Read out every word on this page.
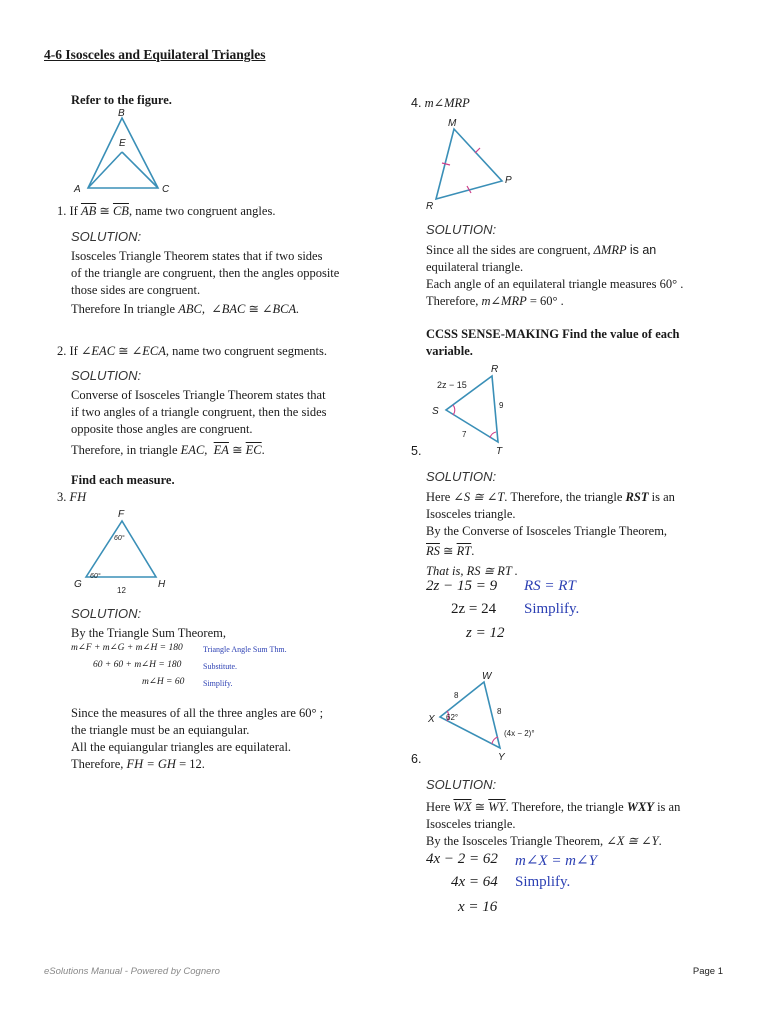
4-6 Isosceles and Equilateral Triangles
Refer to the figure.
B
E
A	C
1. If $\overline{AB}$ ≅ $\overline{CB}$, name two congruent angles.
SOLUTION:
Isosceles Triangle Theorem states that if two sides
of the triangle are congruent, then the angles opposite
those sides are congruent.
Therefore In triangle ABC, ∠BAC ≅ ∠BCA.
2. If ∠EAC ≅ ∠ECA, name two congruent segments.
SOLUTION:
Converse of Isosceles Triangle Theorem states that
if two angles of a triangle congruent, then the sides
opposite those angles are congruent.
Therefore, in triangle EAC, $\overline{EA}$ ≅ $\overline{EC}$.
Find each measure.
3. FH
F
60°
60°
G	H
12
SOLUTION:
By the Triangle Sum Theorem,
m∠F + m∠G + m∠H = 180	Triangle Angle Sum Thm.
60 + 60 + m∠H = 180	Substitute.
m∠H = 60 Simplify.
Since the measures of all the three angles are 60° ;
the triangle must be an equiangular.
All the equiangular triangles are equilateral.
Therefore, FH = GH = 12.
4. m∠MRP
M
P
R
SOLUTION:
Since all the sides are congruent, ΔMRP is an
equilateral triangle.
Each angle of an equilateral triangle measures 60° .
Therefore, m∠MRP = 60° .
CCSS SENSE-MAKING Find the value of each
variable.
R
S
T
2z − 15
9
7
5.
SOLUTION:
Here ∠S ≅ ∠T. Therefore, the triangle RST is an
Isosceles triangle.
By the Converse of Isosceles Triangle Theorem,
$\overline{RS}$ ≅ $\overline{RT}$.
That is, RS ≅ RT .
2z − 15 = 9 RS = RT
2z = 24 Simplify.
z = 12
W
X
Y
8
8
62°
(4x − 2)°
6.
SOLUTION:
Here $\overline{WX}$ ≅ $\overline{WY}$. Therefore, the triangle WXY is an
Isosceles triangle.
By the Isosceles Triangle Theorem, ∠X ≅ ∠Y.
4x − 2 = 62 m∠X = m∠Y
4x = 64 Simplify.
x = 16
eSolutions Manual - Powered by Cognero	Page 1
